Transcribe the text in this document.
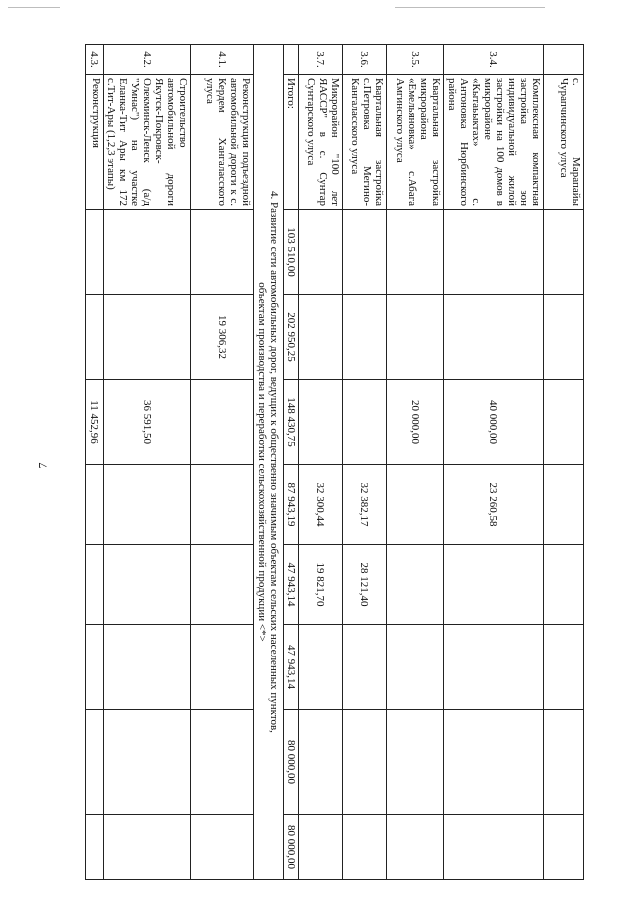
7
	с. Марапайы Чурапчинского улуса								
3.4.	Комплексная компактная застройка зон индивидуальной жилой застройки на 100 домов в микрорайоне «Кытаьыктах» с. Антоновка Нюрбинского района			40 000,00	23 260,58				
3.5.	Квартальная застройка микрорайона «Емельяновка» с.Абага Амгинского улуса			20 000,00					
3.6.	Квартальная застройка с.Петровка Мегино-Кангаласского улуса				32 382,17	28 121,40			
3.7.	Микрорайон "100 лет ЯАССР" в с. Сунтар Сунтарского улуса				32 300,44	19 821,70			
	Итого:	103 510,00	202 950,25	148 430,75	87 943,19	47 943,14	47 943,14	80 000,00	80 000,00

4. Развитие сети автомобильных дорог, ведущих к общественно значимым объектам сельских населенных пунктов,
объектам производства и переработки сельскохозяйственной продукции <*>									

4.1.	Реконструкция подъездной автомобильной дороги к с. Кердем Хангаласского улуса		19 306,32						
4.2.	Строительство автомобильной дороги Якутск-Покровск-Олекминск-Ленск (а/д "Умнас") на участке Еланка-Тит Ары км 172 с.Тит-Ары (1,2,3 этапы)			36 591,50					
4.3.	Реконструкция			11 452,96					
